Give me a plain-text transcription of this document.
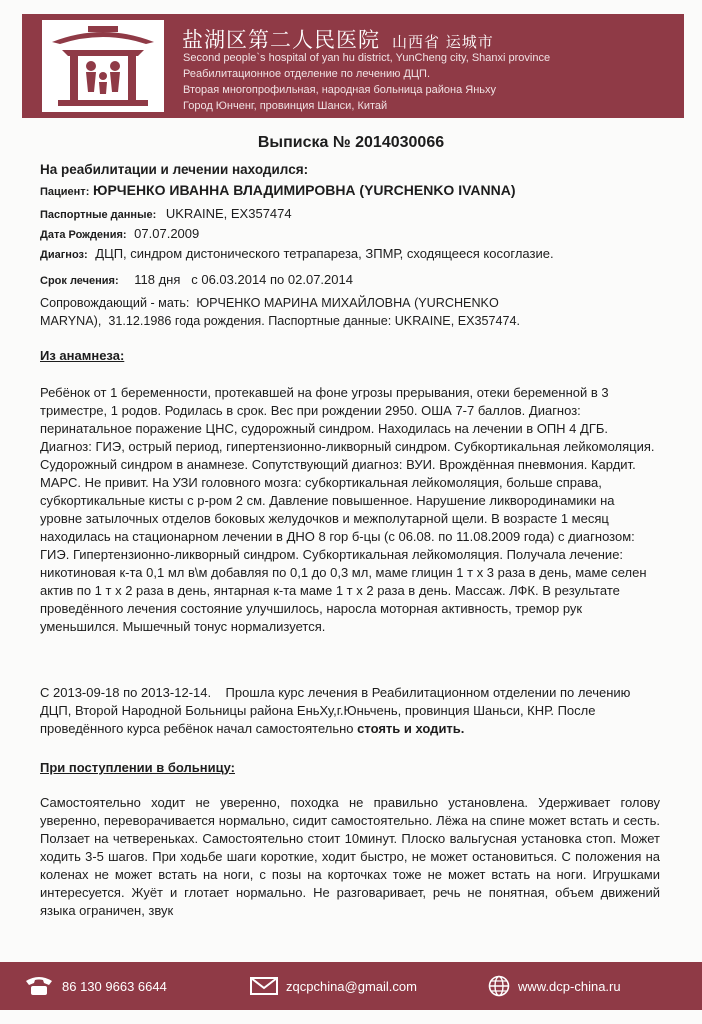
盐湖区第二人民医院 山西省 运城市
Second people`s hospital of yan hu district, YunCheng city, Shanxi province
Реабилитационное отделение по лечению ДЦП.
Вторая многопрофильная, народная больница района Яньху
Город Юнченг, провинция Шанси, Китай
Выписка № 2014030066
На реабилитации и лечении находился:
Пациент: ЮРЧЕНКО ИВАННА ВЛАДИМИРОВНА (YURCHENKO IVANNA)
Паспортные данные: UKRAINE, EX357474
Дата Рождения: 07.07.2009
Диагноз: ДЦП, синдром дистонического тетрапареза, ЗПМР, сходящееся косоглазие.
Срок лечения: 118 дня   с 06.03.2014 по 02.07.2014
Сопровождающий - мать:  ЮРЧЕНКО МАРИНА МИХАЙЛОВНА (YURCHENKO
MARYNA),  31.12.1986 года рождения. Паспортные данные: UKRAINE, EX357474.
Из анамнеза:

Ребёнок от 1 беременности, протекавшей на фоне угрозы прерывания, отеки беременной в 3 триместре, 1 родов. Родилась в срок. Вес при рождении 2950. ОША 7-7 баллов. Диагноз: перинатальное поражение ЦНС, судорожный синдром. Находилась на лечении в ОПН 4 ДГБ. Диагноз: ГИЭ, острый период, гипертензионно-ликворный синдром. Субкортикальная лейкомоляция. Судорожный синдром в анамнезе. Сопутствующий диагноз: ВУИ. Врождённая пневмония. Кардит. МАРС. Не привит. На УЗИ головного мозга: субкортикальная лейкомоляция, больше справа, субкортикальные кисты с р-ром 2 см. Давление повышенное. Нарушение ликвородинамики на уровне затылочных отделов боковых желудочков и межполутарной щели. В возрасте 1 месяц находилась на стационарном лечении в ДНО 8 гор б-цы (с 06.08. по 11.08.2009 года) с диагнозом: ГИЭ. Гипертензионно-ликворный синдром. Субкортикальная лейкомоляция. Получала лечение: никотиновая к-та 0,1 мл в\м добавляя по 0,1 до 0,3 мл, маме глицин 1 т х 3 раза в день, маме селен актив по 1 т х 2 раза в день, янтарная к-та маме 1 т х 2 раза в день. Массаж. ЛФК. В результате проведённого лечения состояние улучшилось, наросла моторная активность, тремор рук уменьшился. Мышечный тонус нормализуется.

С 2013-09-18 по 2013-12-14.    Прошла курс лечения в Реабилитационном отделении по лечению ДЦП, Второй Народной Больницы района ЕньХу,г.Юньчень, провинция Шаньси, КНР. После проведённого курса ребёнок начал самостоятельно стоять и ходить.

При поступлении в больницу:

Самостоятельно ходит не уверенно, походка не правильно установлена. Удерживает голову уверенно, переворачивается нормально, сидит самостоятельно. Лёжа на спине может встать и сесть. Ползает на четвереньках. Самостоятельно стоит 10минут. Плоско вальгусная установка стоп. Может ходить 3-5 шагов. При ходьбе шаги короткие, ходит быстро, не может остановиться. С положения на коленах не может встать на ноги, с позы на корточках тоже не может встать на ноги. Игрушками интересуется. Жуёт и глотает нормально. Не разговаривает, речь не понятная, объем движений языка ограничен, звук

86 130 9663 6644	zqcpchina@gmail.com	www.dcp-china.ru
